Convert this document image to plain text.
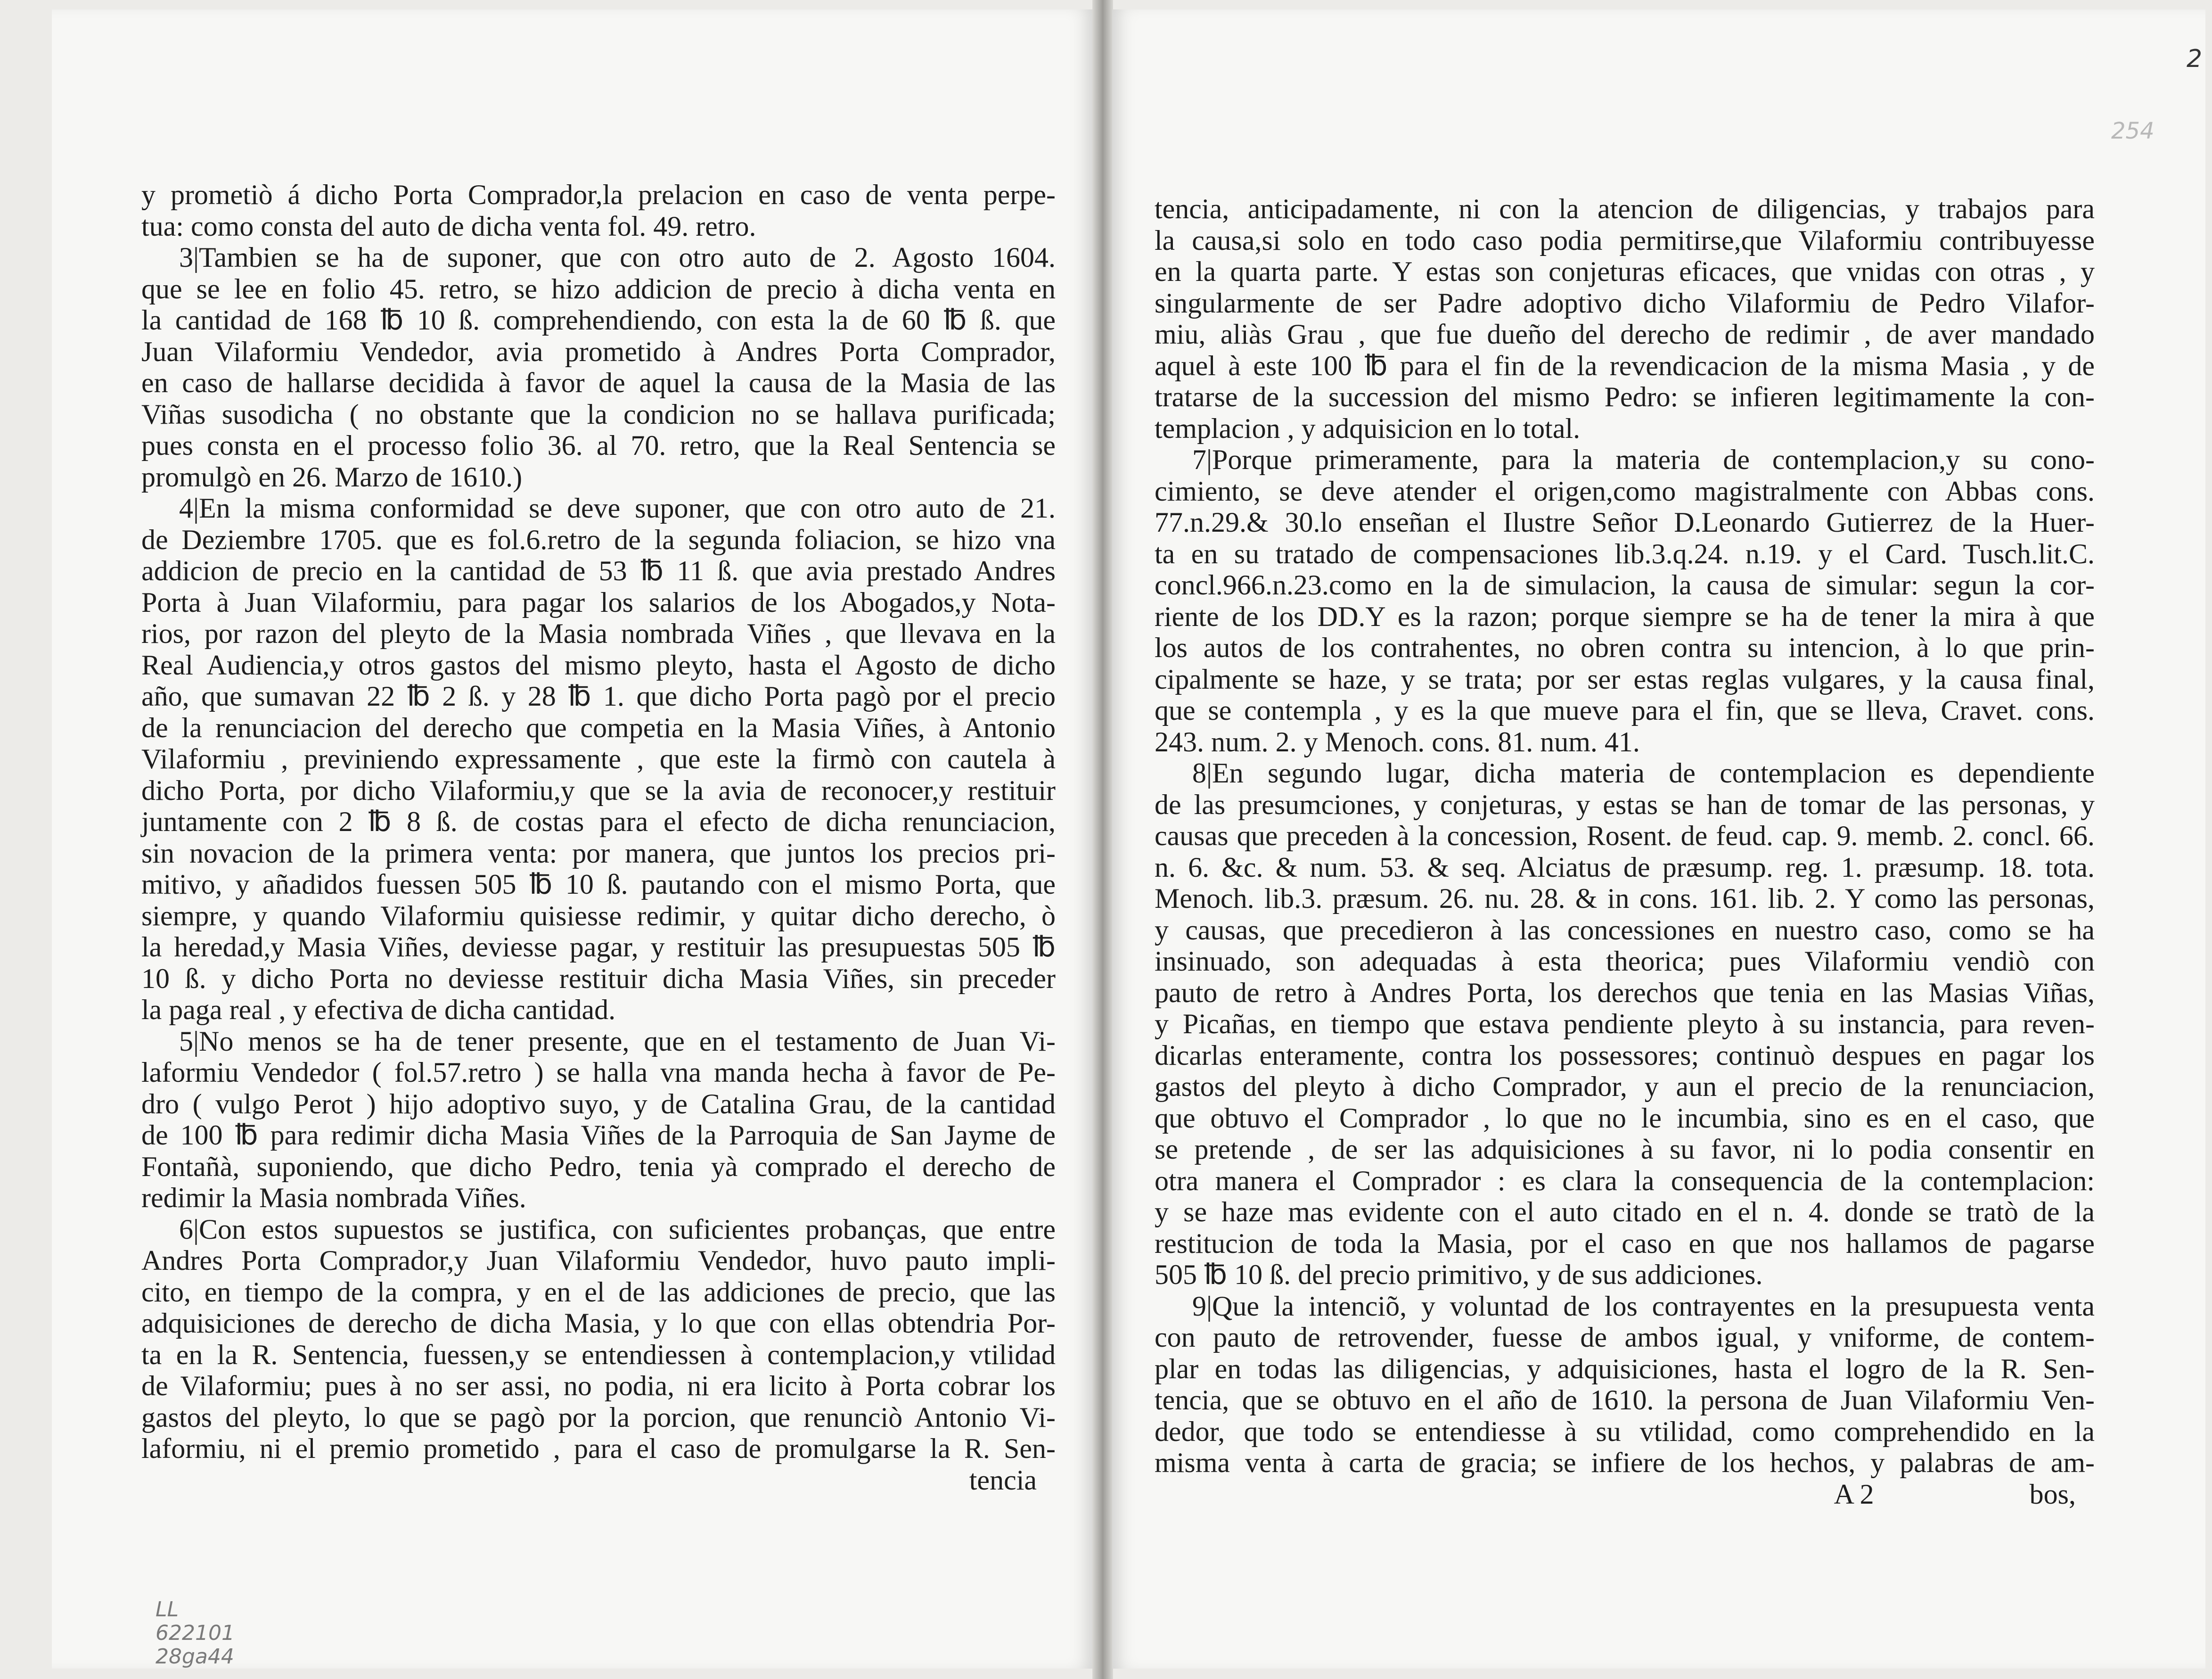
y prometiò á dicho Porta Comprador,la prelacion en caso de venta perpe-
tua: como consta del auto de dicha venta fol. 49. retro.
3|Tambien se ha de suponer, que con otro auto de 2. Agosto 1604.
que se lee en folio 45. retro, se hizo addicion de precio à dicha venta en
la cantidad de 168 ℔ 10 ß. comprehendiendo, con esta la de 60 ℔ ß. que
Juan Vilaformiu Vendedor, avia prometido à Andres Porta Comprador,
en caso de hallarse decidida à favor de aquel la causa de la Masia de las
Viñas susodicha ( no obstante que la condicion no se hallava purificada;
pues consta en el processo folio 36. al 70. retro, que la Real Sentencia se
promulgò en 26. Marzo de 1610.)
4|En la misma conformidad se deve suponer, que con otro auto de 21.
de Deziembre 1705. que es fol.6.retro de la segunda foliacion, se hizo vna
addicion de precio en la cantidad de 53 ℔ 11 ß. que avia prestado Andres
Porta à Juan Vilaformiu, para pagar los salarios de los Abogados,y Nota-
rios, por razon del pleyto de la Masia nombrada Viñes , que llevava en la
Real Audiencia,y otros gastos del mismo pleyto, hasta el Agosto de dicho
año, que sumavan 22 ℔ 2 ß. y 28 ℔ 1. que dicho Porta pagò por el precio
de la renunciacion del derecho que competia en la Masia Viñes, à Antonio
Vilaformiu , previniendo expressamente , que este la firmò con cautela à
dicho Porta, por dicho Vilaformiu,y que se la avia de reconocer,y restituir
juntamente con 2 ℔ 8 ß. de costas para el efecto de dicha renunciacion,
sin novacion de la primera venta: por manera, que juntos los precios pri-
mitivo, y añadidos fuessen 505 ℔ 10 ß. pautando con el mismo Porta, que
siempre, y quando Vilaformiu quisiesse redimir, y quitar dicho derecho, ò
la heredad,y Masia Viñes, deviesse pagar, y restituir las presupuestas 505 ℔
10 ß. y dicho Porta no deviesse restituir dicha Masia Viñes, sin preceder
la paga real , y efectiva de dicha cantidad.
5|No menos se ha de tener presente, que en el testamento de Juan Vi-
laformiu Vendedor ( fol.57.retro ) se halla vna manda hecha à favor de Pe-
dro ( vulgo Perot ) hijo adoptivo suyo, y de Catalina Grau, de la cantidad
de 100 ℔ para redimir dicha Masia Viñes de la Parroquia de San Jayme de
Fontañà, suponiendo, que dicho Pedro, tenia yà comprado el derecho de
redimir la Masia nombrada Viñes.
6|Con estos supuestos se justifica, con suficientes probanças, que entre
Andres Porta Comprador,y Juan Vilaformiu Vendedor, huvo pauto impli-
cito, en tiempo de la compra, y en el de las addiciones de precio, que las
adquisiciones de derecho de dicha Masia, y lo que con ellas obtendria Por-
ta en la R. Sentencia, fuessen,y se entendiessen à contemplacion,y vtilidad
de Vilaformiu; pues à no ser assi, no podia, ni era licito à Porta cobrar los
gastos del pleyto, lo que se pagò por la porcion, que renunciò Antonio Vi-
laformiu, ni el premio prometido , para el caso de promulgarse la R. Sen-
tencia
tencia, anticipadamente, ni con la atencion de diligencias, y trabajos para
la causa,si solo en todo caso podia permitirse,que Vilaformiu contribuyesse
en la quarta parte. Y estas son conjeturas eficaces, que vnidas con otras , y
singularmente de ser Padre adoptivo dicho Vilaformiu de Pedro Vilafor-
miu, aliàs Grau , que fue dueño del derecho de redimir , de aver mandado
aquel à este 100 ℔ para el fin de la revendicacion de la misma Masia , y de
tratarse de la succession del mismo Pedro: se infieren legitimamente la con-
templacion , y adquisicion en lo total.
7|Porque primeramente, para la materia de contemplacion,y su cono-
cimiento, se deve atender el origen,como magistralmente con Abbas cons.
77.n.29.& 30.lo enseñan el Ilustre Señor D.Leonardo Gutierrez de la Huer-
ta en su tratado de compensaciones lib.3.q.24. n.19. y el Card. Tusch.lit.C.
concl.966.n.23.como en la de simulacion, la causa de simular: segun la cor-
riente de los DD.Y es la razon; porque siempre se ha de tener la mira à que
los autos de los contrahentes, no obren contra su intencion, à lo que prin-
cipalmente se haze, y se trata; por ser estas reglas vulgares, y la causa final,
que se contempla , y es la que mueve para el fin, que se lleva, Cravet. cons.
243. num. 2. y Menoch. cons. 81. num. 41.
8|En segundo lugar, dicha materia de contemplacion es dependiente
de las presumciones, y conjeturas, y estas se han de tomar de las personas, y
causas que preceden à la concession, Rosent. de feud. cap. 9. memb. 2. concl. 66.
n. 6. &c. & num. 53. & seq. Alciatus de præsump. reg. 1. præsump. 18. tota.
Menoch. lib.3. præsum. 26. nu. 28. & in cons. 161. lib. 2. Y como las personas,
y causas, que precedieron à las concessiones en nuestro caso, como se ha
insinuado, son adequadas à esta theorica; pues Vilaformiu vendiò con
pauto de retro à Andres Porta, los derechos que tenia en las Masias Viñas,
y Picañas, en tiempo que estava pendiente pleyto à su instancia, para reven-
dicarlas enteramente, contra los possessores; continuò despues en pagar los
gastos del pleyto à dicho Comprador, y aun el precio de la renunciacion,
que obtuvo el Comprador , lo que no le incumbia, sino es en el caso, que
se pretende , de ser las adquisiciones à su favor, ni lo podia consentir en
otra manera el Comprador : es clara la consequencia de la contemplacion:
y se haze mas evidente con el auto citado en el n. 4. donde se tratò de la
restitucion de toda la Masia, por el caso en que nos hallamos de pagarse
505 ℔ 10 ß. del precio primitivo, y de sus addiciones.
9|Que la intenciõ, y voluntad de los contrayentes en la presupuesta venta
con pauto de retrovender, fuesse de ambos igual, y vniforme, de contem-
plar en todas las diligencias, y adquisiciones, hasta el logro de la R. Sen-
tencia, que se obtuvo en el año de 1610. la persona de Juan Vilaformiu Ven-
dedor, que todo se entendiesse à su vtilidad, como comprehendido en la
misma venta à carta de gracia; se infiere de los hechos, y palabras de am-
A 2	bos,
LL
622101
28ga44
2
254
